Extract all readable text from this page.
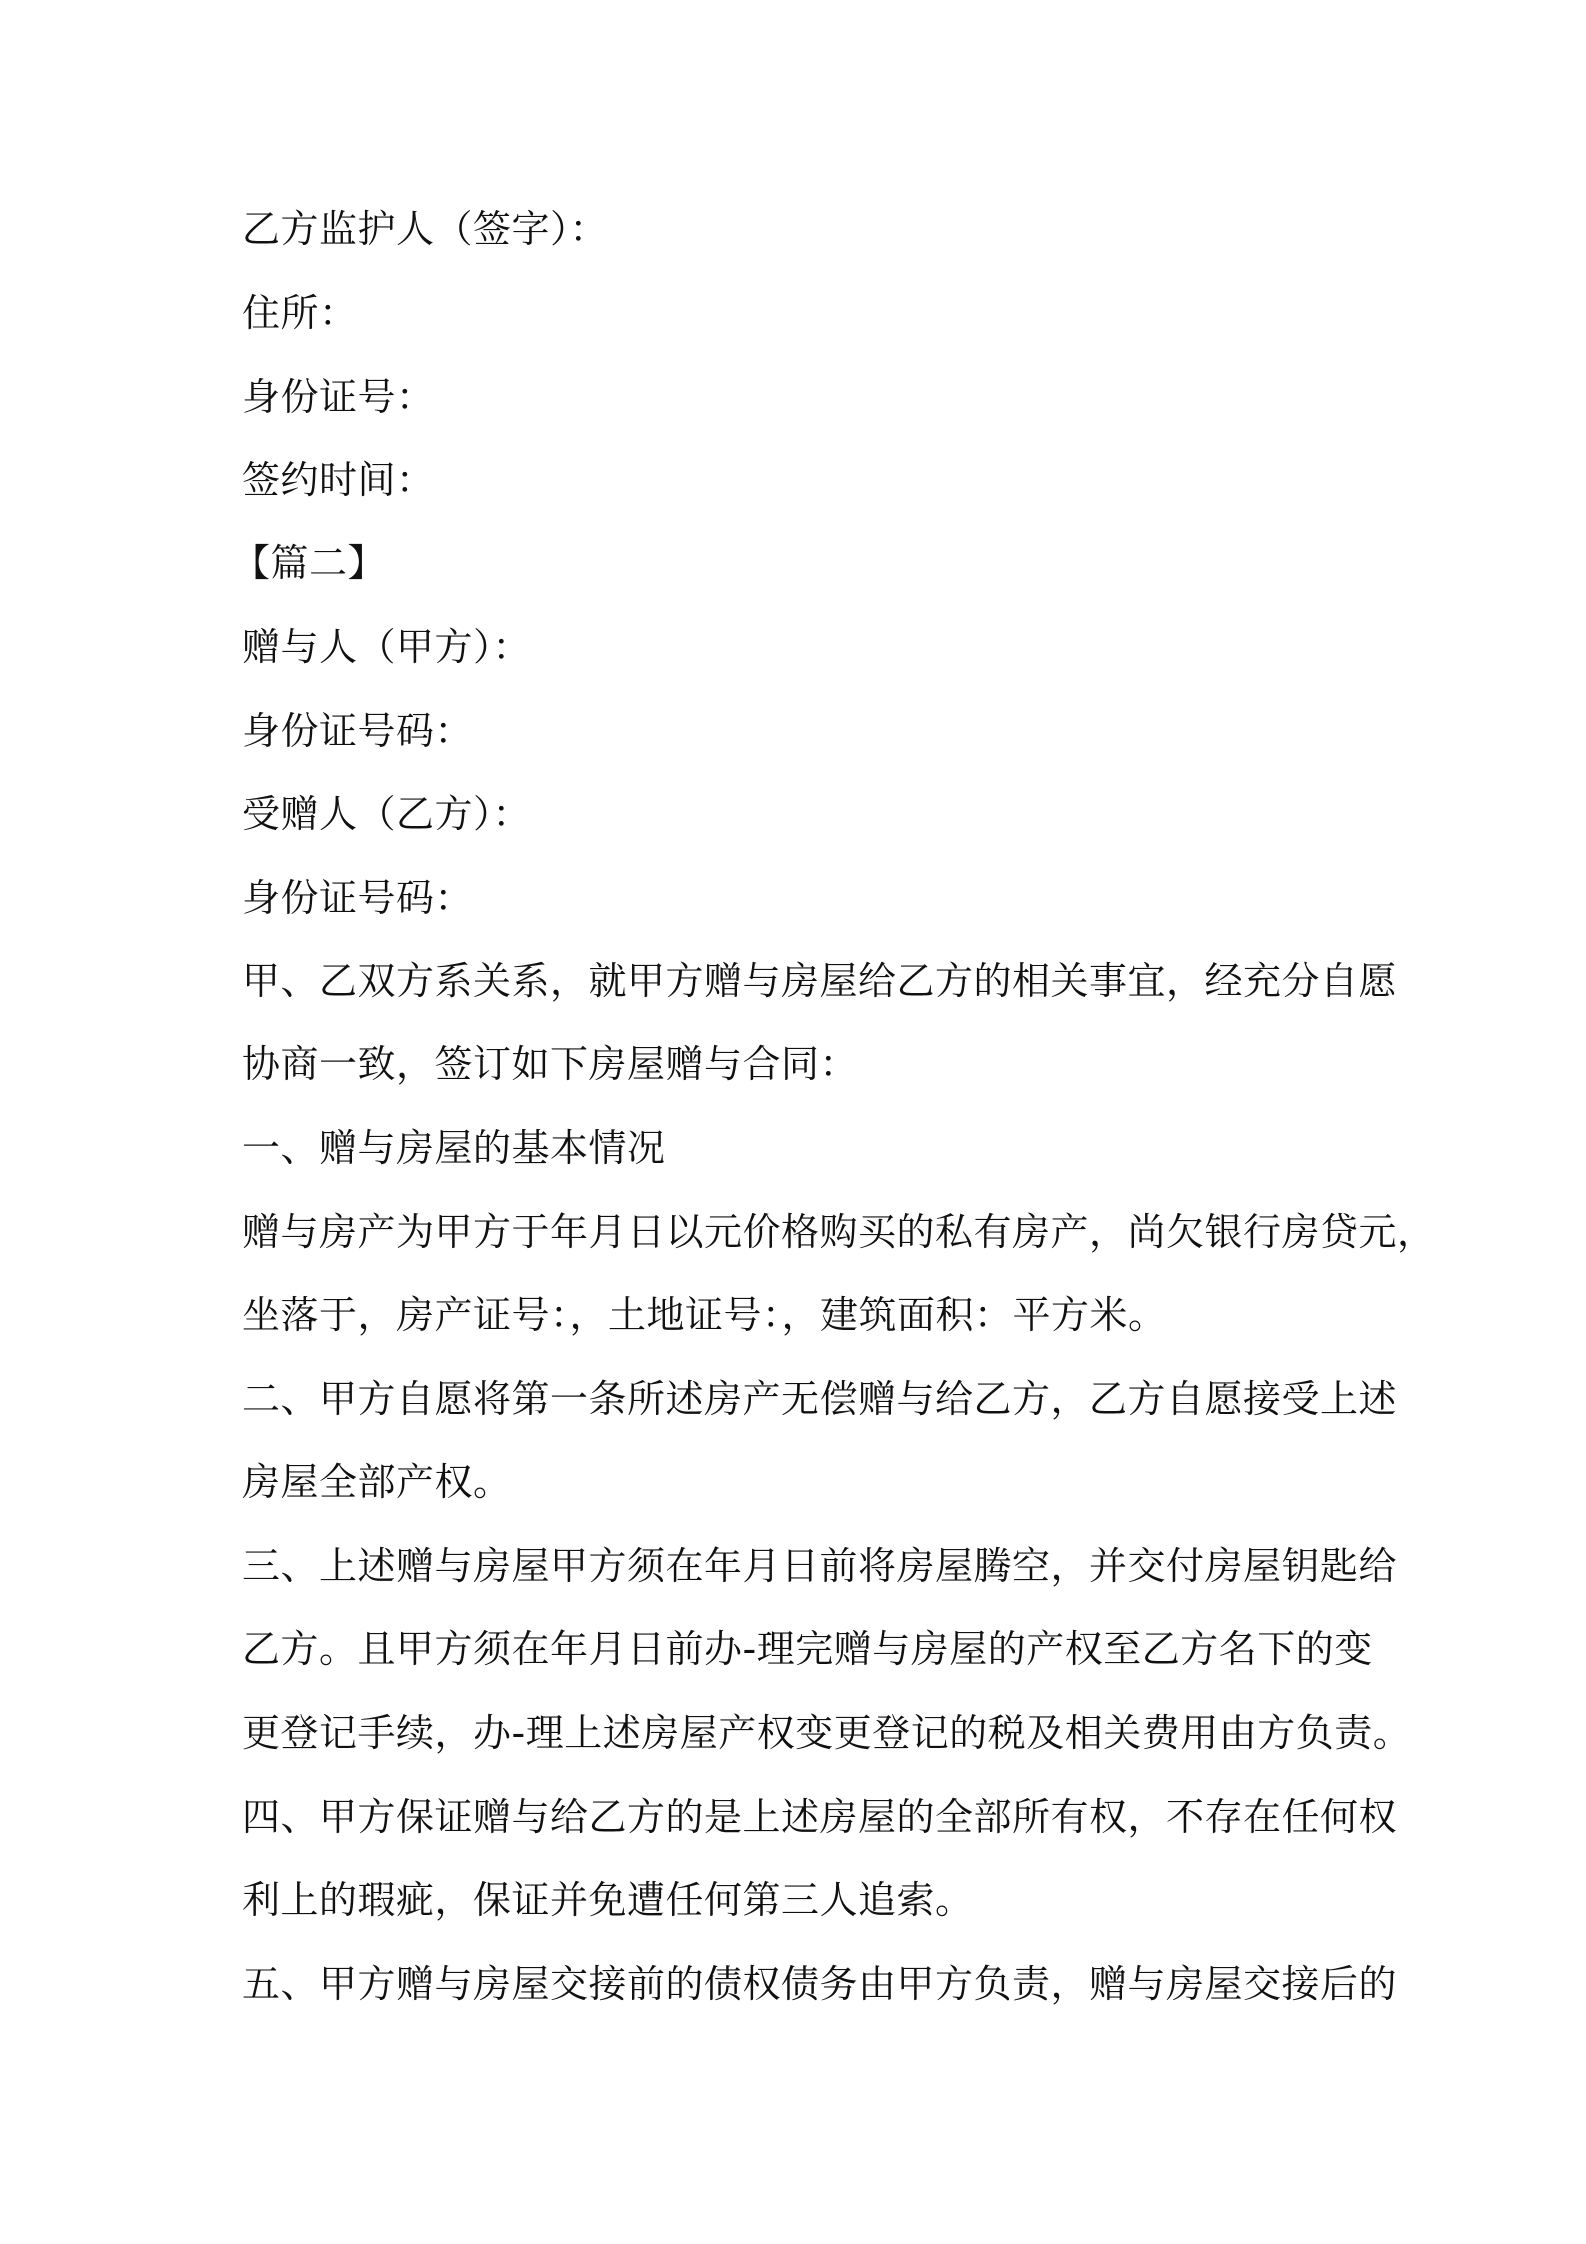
乙方监护人（签字）：
住所：
身份证号：
签约时间：
【篇二】
赠与人（甲方）：
身份证号码：
受赠人（乙方）：
身份证号码：
甲、乙双方系关系，就甲方赠与房屋给乙方的相关事宜，经充分自愿
协商一致，签订如下房屋赠与合同：
一、赠与房屋的基本情况
赠与房产为甲方于年月日以元价格购买的私有房产，尚欠银行房贷元，
坐落于，房产证号：，土地证号：，建筑面积：平方米。
二、甲方自愿将第一条所述房产无偿赠与给乙方，乙方自愿接受上述
房屋全部产权。
三、上述赠与房屋甲方须在年月日前将房屋腾空，并交付房屋钥匙给
乙方。且甲方须在年月日前办-理完赠与房屋的产权至乙方名下的变
更登记手续，办-理上述房屋产权变更登记的税及相关费用由方负责。
四、甲方保证赠与给乙方的是上述房屋的全部所有权，不存在任何权
利上的瑕疵，保证并免遭任何第三人追索。
五、甲方赠与房屋交接前的债权债务由甲方负责，赠与房屋交接后的
